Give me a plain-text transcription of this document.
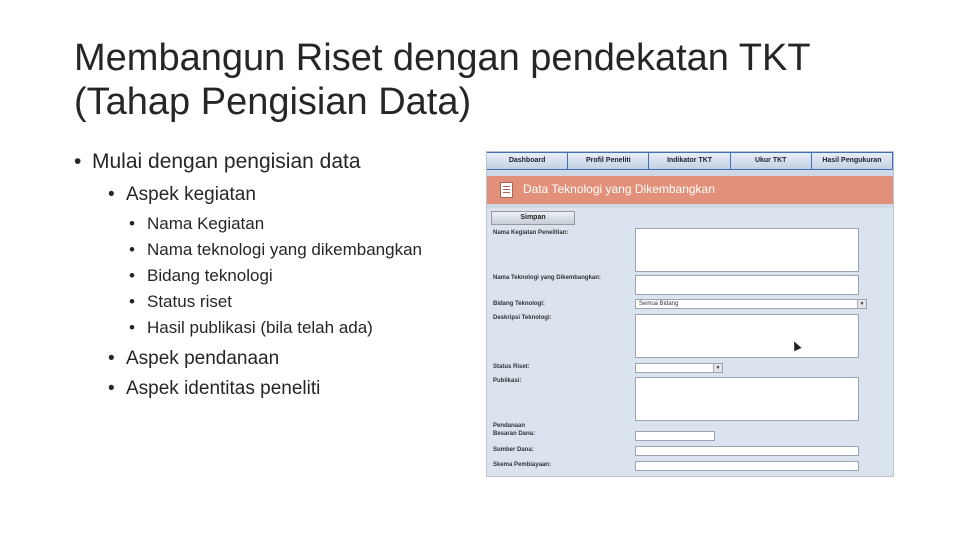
Membangun Riset dengan pendekatan TKT
(Tahap Pengisian Data)
• Mulai dengan pengisian data
• Aspek kegiatan
• Nama Kegiatan
• Nama teknologi yang dikembangkan
• Bidang teknologi
• Status riset
• Hasil publikasi (bila telah ada)
• Aspek pendanaan
• Aspek identitas peneliti
Dashboard	Profil Peneliti	Indikator TKT	Ukur TKT	Hasil Pengukuran
Data Teknologi yang Dikembangkan
Simpan
Nama Kegiatan Penelitian:
Nama Teknologi yang Dikembangkan:
Bidang Teknologi:	Semua Bidang	▼
Deskripsi Teknologi:
Status Riset:	▼
Publikasi:
Pendanaan
Besaran Dana:
Sumber Dana:
Skema Pembiayaan:
